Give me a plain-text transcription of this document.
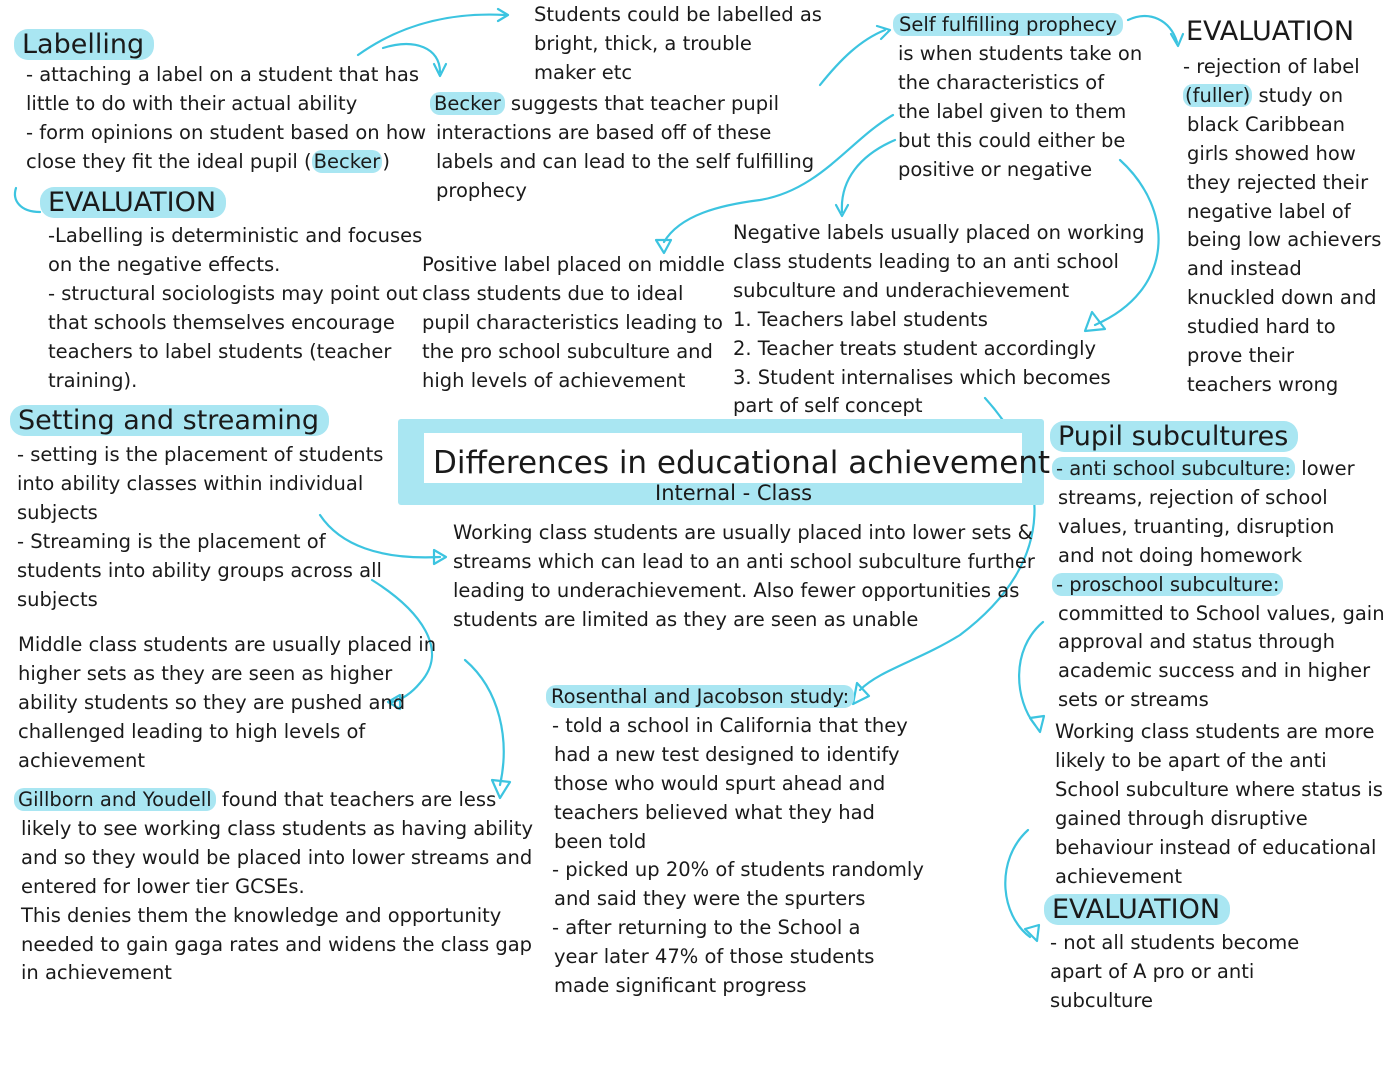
Labelling
- attaching a label on a student that has
little to do with their actual ability
- form opinions on student based on how
close they fit the ideal pupil ( Becker )
EVALUATION
-Labelling is deterministic and focuses
on the negative effects.
- structural sociologists may point out
that schools themselves encourage
teachers to label students (teacher
training).
Students could be labelled as
bright, thick, a trouble
maker etc
Becker suggests that teacher pupil
interactions are based off of these
labels and can lead to the self fulfilling
prophecy
Self fulfilling prophecy
is when students take on
the characteristics of
the label given to them
but this could either be
positive or negative
EVALUATION
- rejection of label
(fuller) study on
black Caribbean
girls showed how
they rejected their
negative label of
being low achievers
and instead
knuckled down and
studied hard to
prove their
teachers wrong
Positive label placed on middle
class students due to ideal
pupil characteristics leading to
the pro school subculture and
high levels of achievement
Negative labels usually placed on working
class students leading to an anti school
subculture and underachievement
1. Teachers label students
2. Teacher treats student accordingly
3. Student internalises which becomes
part of self concept
Differences in educational achievement
Internal - Class
Setting and streaming
- setting is the placement of students
into ability classes within individual
subjects
- Streaming is the placement of
students into ability groups across all
subjects
Working class students are usually placed into lower sets &
streams which can lead to an anti school subculture further
leading to underachievement. Also fewer opportunities as
students are limited as they are seen as unable
Middle class students are usually placed in
higher sets as they are seen as higher
ability students so they are pushed and
challenged leading to high levels of
achievement
Gillborn and Youdell found that teachers are less
likely to see working class students as having ability
and so they would be placed into lower streams and
entered for lower tier GCSEs.
This denies them the knowledge and opportunity
needed to gain gaga rates and widens the class gap
in achievement
Rosenthal and Jacobson study:
- told a school in California that they
had a new test designed to identify
those who would spurt ahead and
teachers believed what they had
been told
- picked up 20% of students randomly
and said they were the spurters
- after returning to the School a
year later 47% of those students
made significant progress
Pupil subcultures
- anti school subculture: lower
streams, rejection of school
values, truanting, disruption
and not doing homework
- proschool subculture:
committed to School values, gain
approval and status through
academic success and in higher
sets or streams
Working class students are more
likely to be apart of the anti
School subculture where status is
gained through disruptive
behaviour instead of educational
achievement
EVALUATION
- not all students become
apart of A pro or anti
subculture
